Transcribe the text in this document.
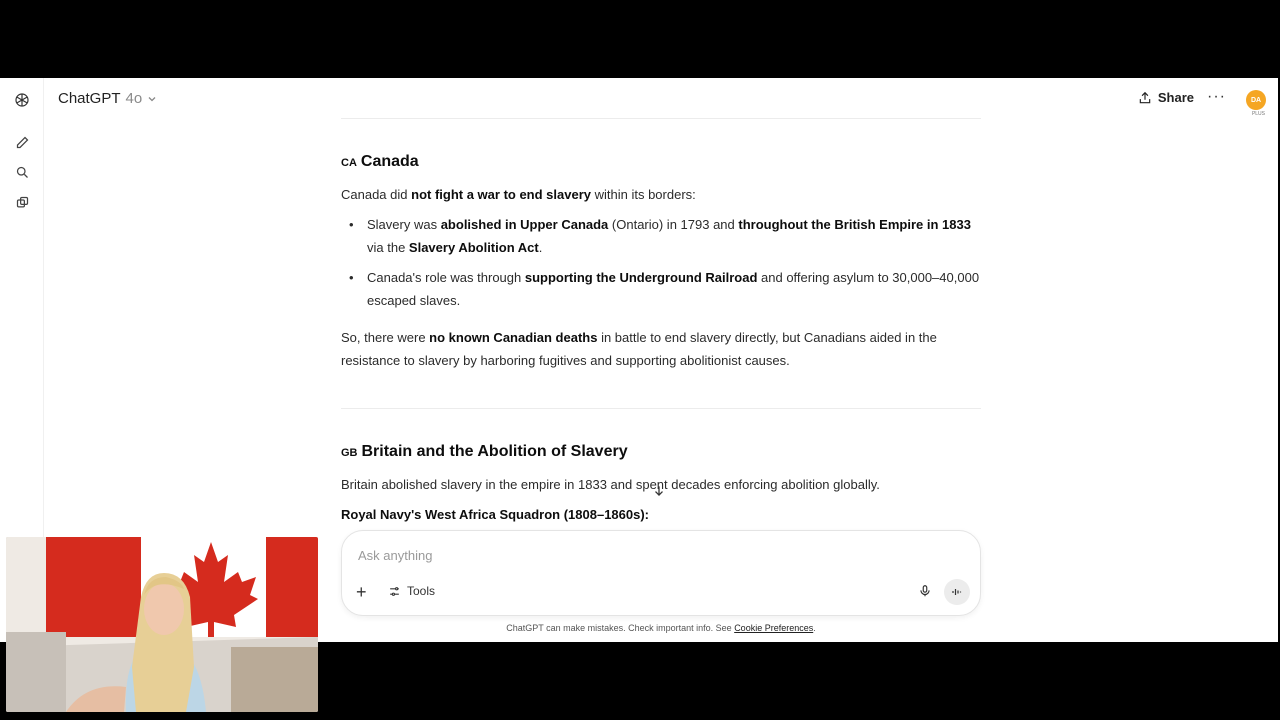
ChatGPT 4o	Share ···	DA
PLUS
CA Canada
Canada did not fight a war to end slavery within its borders:
• Slavery was abolished in Upper Canada (Ontario) in 1793 and throughout the British Empire in 1833 via the Slavery Abolition Act.
• Canada's role was through supporting the Underground Railroad and offering asylum to 30,000–40,000 escaped slaves.
So, there were no known Canadian deaths in battle to end slavery directly, but Canadians aided in the resistance to slavery by harboring fugitives and supporting abolitionist causes.
GB Britain and the Abolition of Slavery
Britain abolished slavery in the empire in 1833 and spent decades enforcing abolition globally.
Royal Navy's West Africa Squadron (1808–1860s):
Ask anything
+	Tools
ChatGPT can make mistakes. Check important info. See Cookie Preferences.
